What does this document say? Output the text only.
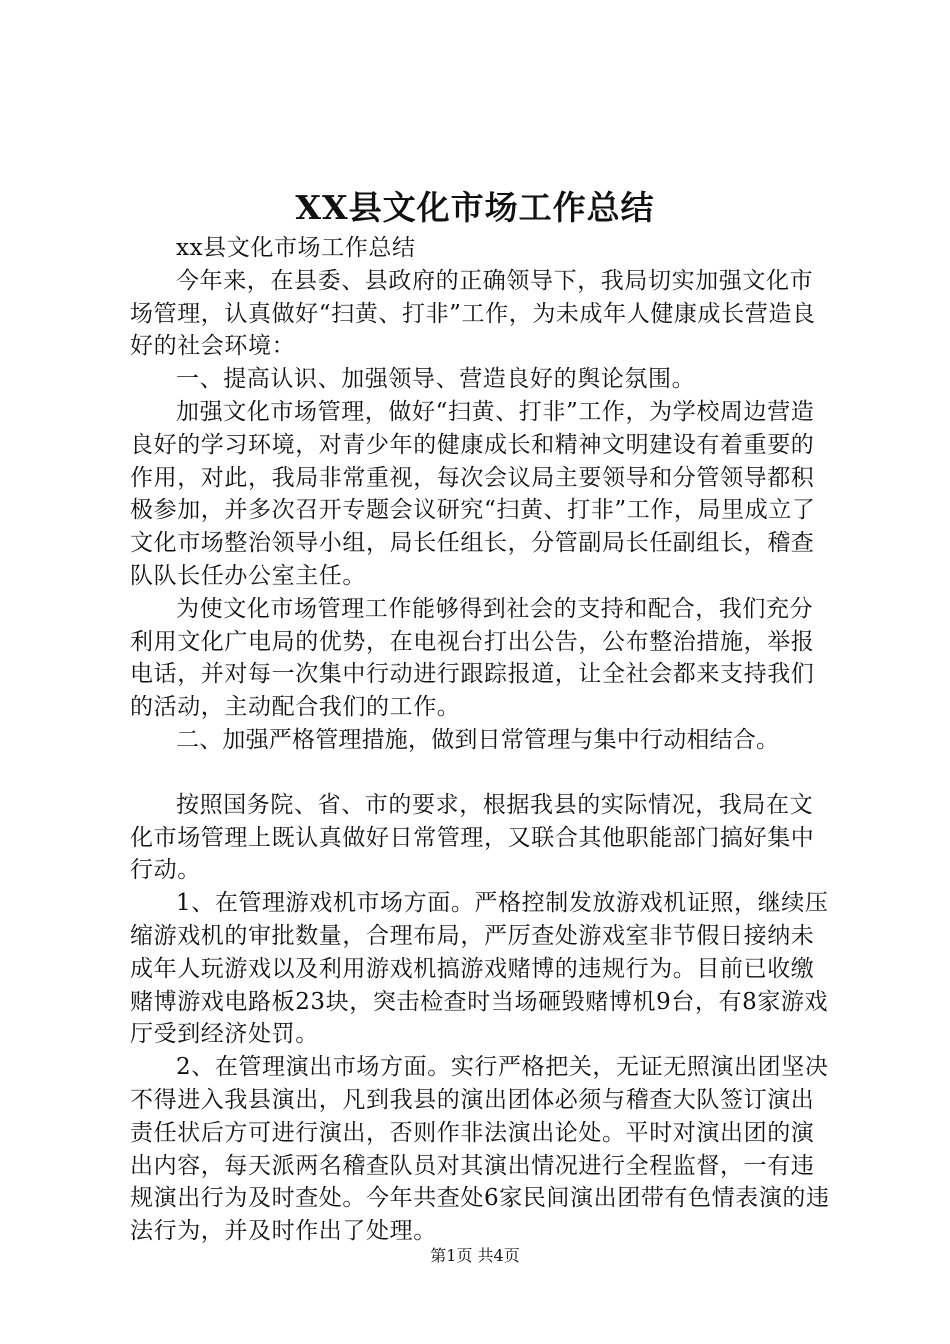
XX县文化市场工作总结

xx县文化市场工作总结

今年来，在县委、县政府的正确领导下，我局切实加强文化市场管理，认真做好“扫黄、打非”工作，为未成年人健康成长营造良好的社会环境：

一、提高认识、加强领导、营造良好的舆论氛围。

加强文化市场管理，做好“扫黄、打非”工作，为学校周边营造良好的学习环境，对青少年的健康成长和精神文明建设有着重要的作用，对此，我局非常重视，每次会议局主要领导和分管领导都积极参加，并多次召开专题会议研究“扫黄、打非”工作，局里成立了文化市场整治领导小组，局长任组长，分管副局长任副组长，稽查队队长任办公室主任。

为使文化市场管理工作能够得到社会的支持和配合，我们充分利用文化广电局的优势，在电视台打出公告，公布整治措施，举报电话，并对每一次集中行动进行跟踪报道，让全社会都来支持我们的活动，主动配合我们的工作。

二、加强严格管理措施，做到日常管理与集中行动相结合。

按照国务院、省、市的要求，根据我县的实际情况，我局在文化市场管理上既认真做好日常管理，又联合其他职能部门搞好集中行动。

1、在管理游戏机市场方面。严格控制发放游戏机证照，继续压缩游戏机的审批数量，合理布局，严厉查处游戏室非节假日接纳未成年人玩游戏以及利用游戏机搞游戏赌博的违规行为。目前已收缴赌博游戏电路板23块，突击检查时当场砸毁赌博机9台，有8家游戏厅受到经济处罚。

2、在管理演出市场方面。实行严格把关，无证无照演出团坚决不得进入我县演出，凡到我县的演出团体必须与稽查大队签订演出责任状后方可进行演出，否则作非法演出论处。平时对演出团的演出内容，每天派两名稽查队员对其演出情况进行全程监督，一有违规演出行为及时查处。今年共查处6家民间演出团带有色情表演的违法行为，并及时作出了处理。

第1页 共4页
